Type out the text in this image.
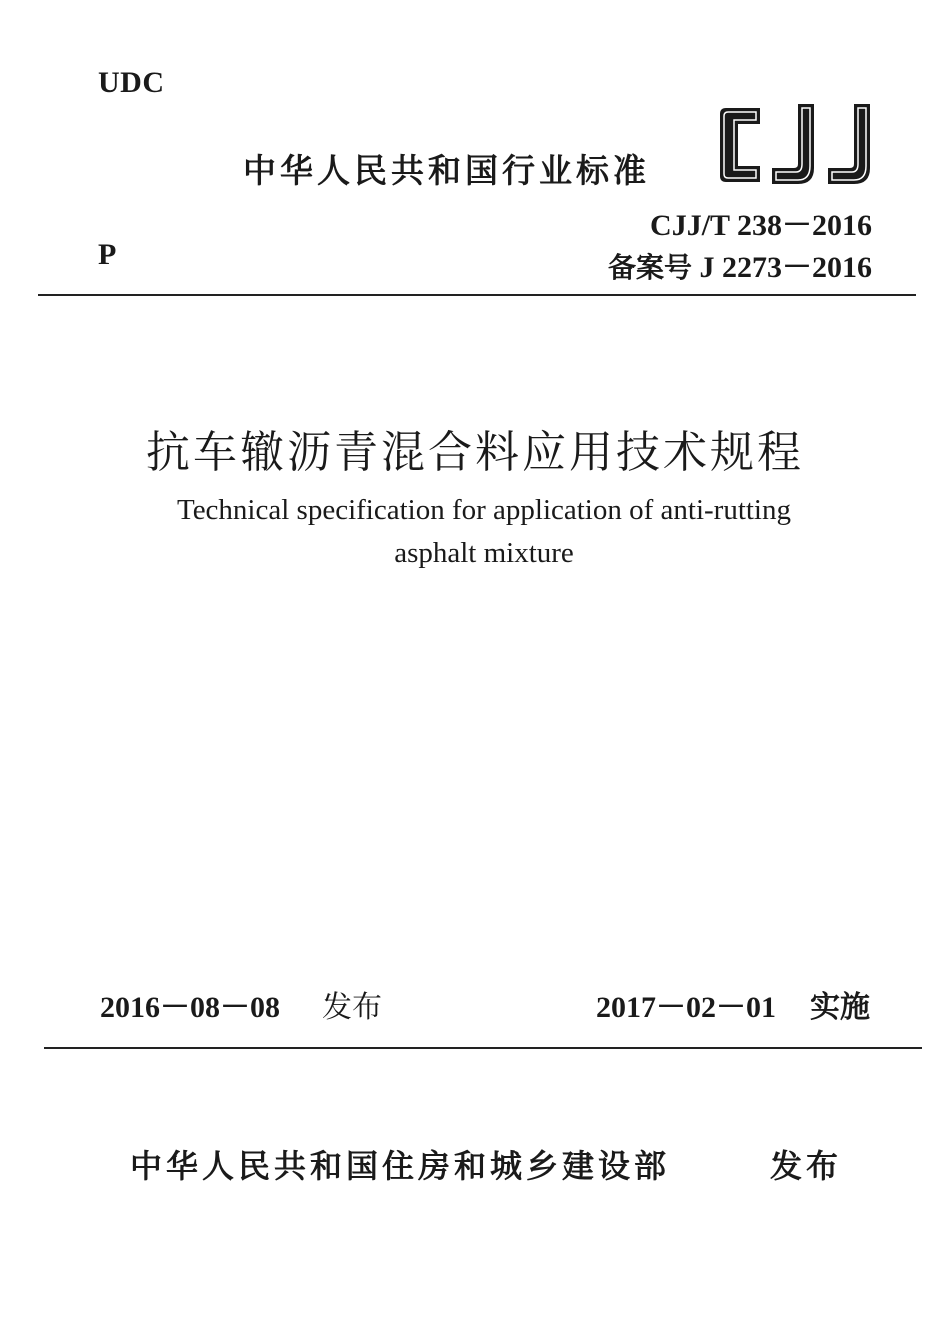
UDC
中华人民共和国行业标准
CJJ/T 238－2016
备案号 J 2273－2016
P
抗车辙沥青混合料应用技术规程
Technical specification for application of anti-rutting
asphalt mixture
2016－08－08 发布	2017－02－01 实施
中华人民共和国住房和城乡建设部	发布
